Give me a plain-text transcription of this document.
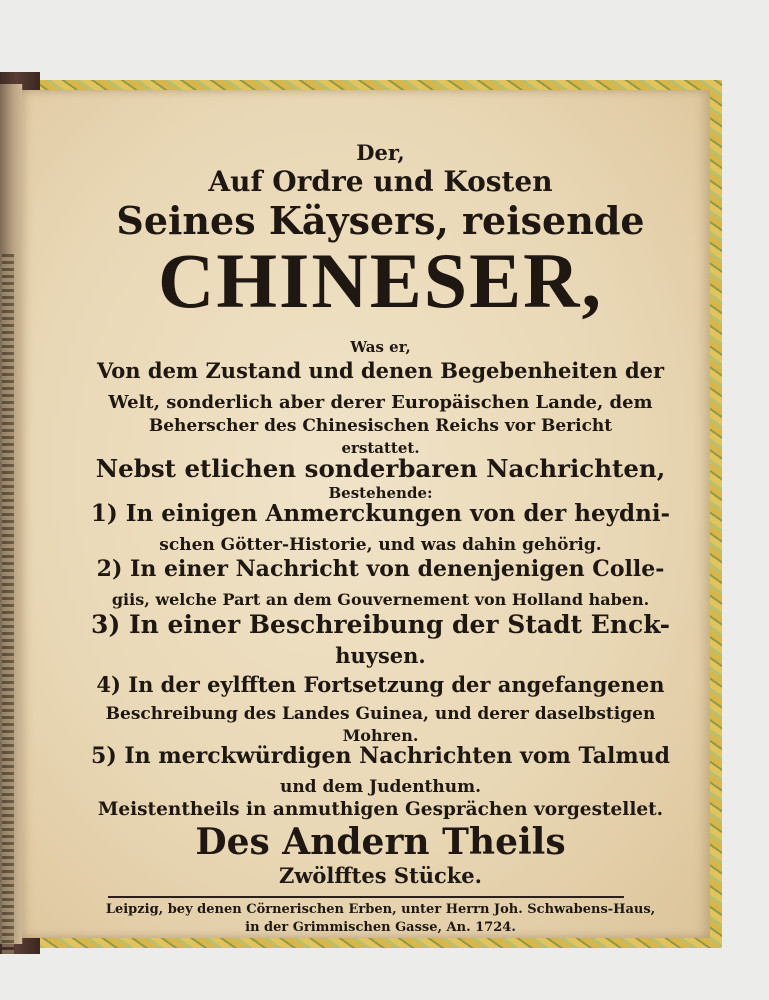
Der,
Auf Ordre und Kosten
Seines Käysers, reisende
CHINESER,
Was er,
Von dem Zustand und denen Begebenheiten der
Welt, sonderlich aber derer Europäischen Lande, dem
Beherscher des Chinesischen Reichs vor Bericht
erstattet.
Nebst etlichen sonderbaren Nachrichten,
Bestehende:
1) In einigen Anmerckungen von der heydni-
schen Götter-Historie, und was dahin gehörig.
2) In einer Nachricht von denenjenigen Colle-
giis, welche Part an dem Gouvernement von Holland haben.
3) In einer Beschreibung der Stadt Enck-
huysen.
4) In der eylfften Fortsetzung der angefangenen
Beschreibung des Landes Guinea, und derer daselbstigen
Mohren.
5) In merckwürdigen Nachrichten vom Talmud
und dem Judenthum.
Meistentheils in anmuthigen Gesprächen vorgestellet.
Des Andern Theils
Zwölfftes Stücke.
Leipzig, bey denen Cörnerischen Erben, unter Herrn Joh. Schwabens-Haus,
in der Grimmischen Gasse, An. 1724.
